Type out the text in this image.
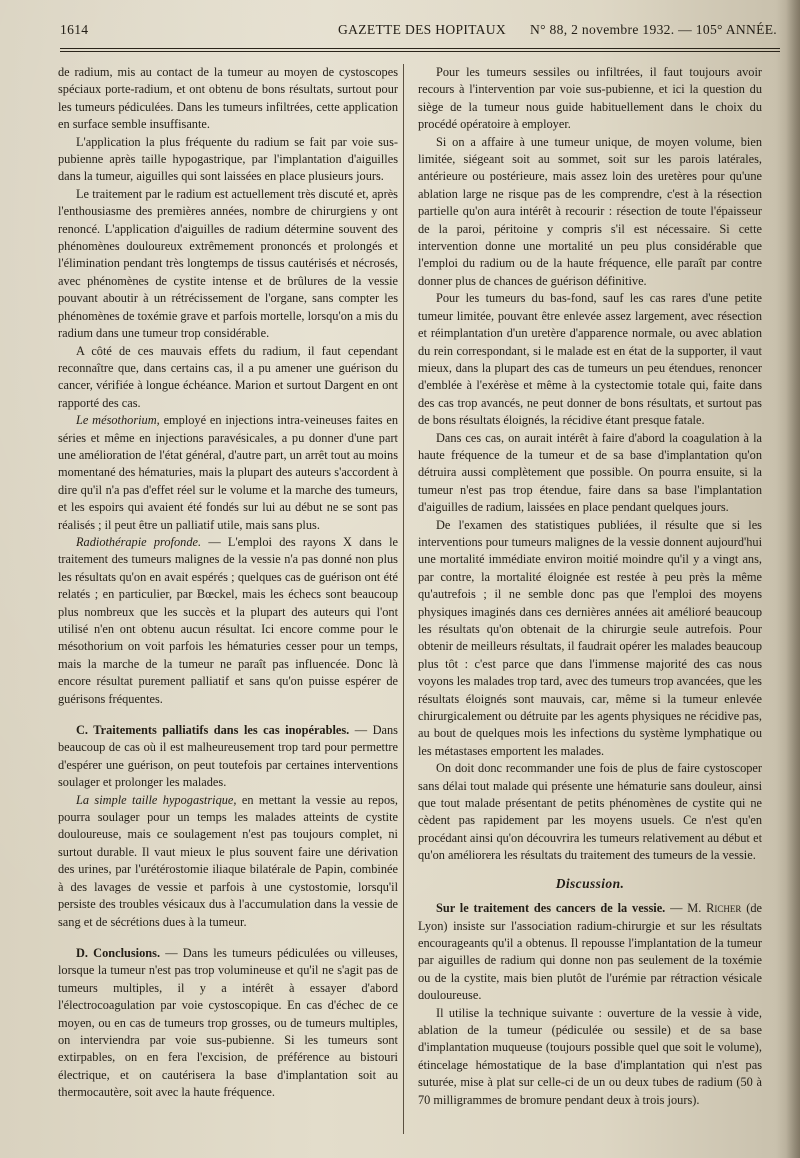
1614	GAZETTE DES HOPITAUX N° 88, 2 novembre 1932. — 105° ANNÉE.

de radium, mis au contact de la tumeur au moyen de cystoscopes spéciaux porte-radium, et ont obtenu de bons résultats, surtout pour les tumeurs pédiculées. Dans les tumeurs infiltrées, cette application en surface semble insuffisante.

L'application la plus fréquente du radium se fait par voie sus-pubienne après taille hypogastrique, par l'implantation d'aiguilles dans la tumeur, aiguilles qui sont laissées en place plusieurs jours.

Le traitement par le radium est actuellement très discuté et, après l'enthousiasme des premières années, nombre de chirurgiens y ont renoncé. L'application d'aiguilles de radium détermine souvent des phénomènes douloureux extrêmement prononcés et prolongés et l'élimination pendant très longtemps de tissus cautérisés et nécrosés, avec phénomènes de cystite intense et de brûlures de la vessie pouvant aboutir à un rétrécissement de l'organe, sans compter les phénomènes de toxémie grave et parfois mortelle, lorsqu'on a mis du radium dans une tumeur trop considérable.

A côté de ces mauvais effets du radium, il faut cependant reconnaître que, dans certains cas, il a pu amener une guérison du cancer, vérifiée à longue échéance. Marion et surtout Dargent en ont rapporté des cas.

Le mésothorium, employé en injections intra-veineuses faites en séries et même en injections paravésicales, a pu donner d'une part une amélioration de l'état général, d'autre part, un arrêt tout au moins momentané des hématuries, mais la plupart des auteurs s'accordent à dire qu'il n'a pas d'effet réel sur le volume et la marche des tumeurs, et les espoirs qui avaient été fondés sur lui au début ne se sont pas réalisés ; il peut être un palliatif utile, mais sans plus.

Radiothérapie profonde. — L'emploi des rayons X dans le traitement des tumeurs malignes de la vessie n'a pas donné non plus les résultats qu'on en avait espérés ; quelques cas de guérison ont été relatés ; en particulier, par Bœckel, mais les échecs sont beaucoup plus nombreux que les succès et la plupart des auteurs qui l'ont utilisé n'en ont obtenu aucun résultat. Ici encore comme pour le mésothorium on voit parfois les hématuries cesser pour un temps, mais la marche de la tumeur ne paraît pas influencée. Donc là encore résultat purement palliatif et sans qu'on puisse espérer de guérisons fréquentes.

C. Traitements palliatifs dans les cas inopérables. — Dans beaucoup de cas où il est malheureusement trop tard pour permettre d'espérer une guérison, on peut toutefois par certaines interventions soulager et prolonger les malades.

La simple taille hypogastrique, en mettant la vessie au repos, pourra soulager pour un temps les malades atteints de cystite douloureuse, mais ce soulagement n'est pas toujours complet, ni surtout durable. Il vaut mieux le plus souvent faire une dérivation des urines, par l'urétérostomie iliaque bilatérale de Papin, combinée à des lavages de vessie et parfois à une cystostomie, lorsqu'il persiste des troubles vésicaux dus à l'accumulation dans la vessie de sang et de sécrétions dues à la tumeur.

D. Conclusions. — Dans les tumeurs pédiculées ou villeuses, lorsque la tumeur n'est pas trop volumineuse et qu'il ne s'agit pas de tumeurs multiples, il y a intérêt à essayer d'abord l'électrocoagulation par voie cystoscopique. En cas d'échec de ce moyen, ou en cas de tumeurs trop grosses, ou de tumeurs multiples, on interviendra par voie sus-pubienne. Si les tumeurs sont extirpables, on en fera l'excision, de préférence au bistouri électrique, et on cautérisera la base d'implantation soit au thermocautère, soit avec la haute fréquence.

Pour les tumeurs sessiles ou infiltrées, il faut toujours avoir recours à l'intervention par voie sus-pubienne, et ici la question du siège de la tumeur nous guide habituellement dans le choix du procédé opératoire à employer.

Si on a affaire à une tumeur unique, de moyen volume, bien limitée, siégeant soit au sommet, soit sur les parois latérales, antérieure ou postérieure, mais assez loin des uretères pour qu'une ablation large ne risque pas de les comprendre, c'est à la résection partielle qu'on aura intérêt à recourir : résection de toute l'épaisseur de la paroi, péritoine y compris s'il est nécessaire. Si cette intervention donne une mortalité un peu plus considérable que l'emploi du radium ou de la haute fréquence, elle paraît par contre donner plus de chances de guérison définitive.

Pour les tumeurs du bas-fond, sauf les cas rares d'une petite tumeur limitée, pouvant être enlevée assez largement, avec résection et réimplantation d'un uretère d'apparence normale, ou avec ablation du rein correspondant, si le malade est en état de la supporter, il vaut mieux, dans la plupart des cas de tumeurs un peu étendues, renoncer d'emblée à l'exérèse et même à la cystectomie totale qui, faite dans des cas trop avancés, ne peut donner de bons résultats, et surtout pas de bons résultats éloignés, la récidive étant presque fatale.

Dans ces cas, on aurait intérêt à faire d'abord la coagulation à la haute fréquence de la tumeur et de sa base d'implantation qu'on détruira aussi complètement que possible. On pourra ensuite, si la tumeur n'est pas trop étendue, faire dans sa base l'implantation d'aiguilles de radium, laissées en place pendant quelques jours.

De l'examen des statistiques publiées, il résulte que si les interventions pour tumeurs malignes de la vessie donnent aujourd'hui une mortalité immédiate environ moitié moindre qu'il y a vingt ans, par contre, la mortalité éloignée est restée à peu près la même qu'autrefois ; il ne semble donc pas que l'emploi des moyens physiques imaginés dans ces dernières années ait amélioré beaucoup les résultats qu'on obtenait de la chirurgie seule autrefois. Pour obtenir de meilleurs résultats, il faudrait opérer les malades beaucoup plus tôt : c'est parce que dans l'immense majorité des cas nous voyons les malades trop tard, avec des tumeurs trop avancées, que les résultats éloignés sont mauvais, car, même si la tumeur enlevée chirurgicalement ou détruite par les agents physiques ne récidive pas, au bout de quelques mois les infections du système lymphatique ou les métastases emportent les malades.

On doit donc recommander une fois de plus de faire cystoscoper sans délai tout malade qui présente une hématurie sans douleur, ainsi que tout malade présentant de petits phénomènes de cystite qui ne cèdent pas rapidement par les moyens usuels. Ce n'est qu'en procédant ainsi qu'on découvrira les tumeurs relativement au début et qu'on améliorera les résultats du traitement des tumeurs de la vessie.

Discussion.

Sur le traitement des cancers de la vessie. — M. Richer (de Lyon) insiste sur l'association radium-chirurgie et sur les résultats encourageants qu'il a obtenus. Il repousse l'implantation de la tumeur par aiguilles de radium qui donne non pas seulement de la toxémie ou de la cystite, mais bien plutôt de l'urémie par rétraction vésicale douloureuse.

Il utilise la technique suivante : ouverture de la vessie à vide, ablation de la tumeur (pédiculée ou sessile) et de sa base d'implantation muqueuse (toujours possible quel que soit le volume), étincelage hémostatique de la base d'implantation qui n'est pas suturée, mise à plat sur celle-ci de un ou deux tubes de radium (50 à 70 milligrammes de bromure pendant deux à trois jours).
